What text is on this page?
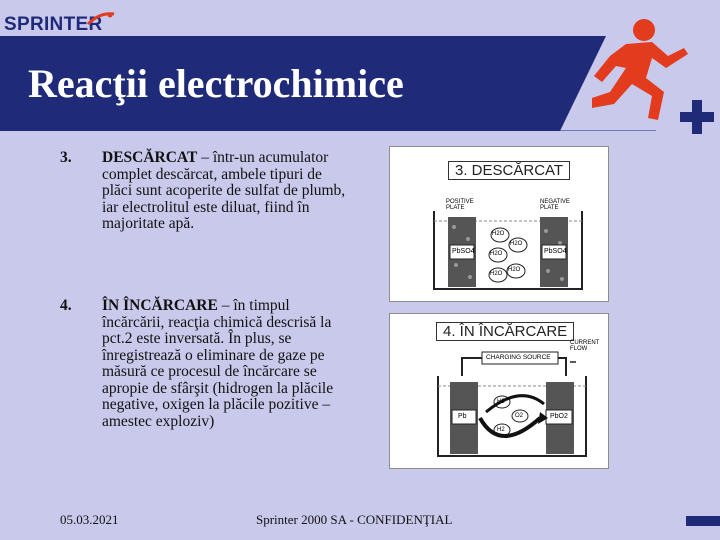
SPRINTER
Reacţii electrochimice
3. DESCĂRCAT – într-un acumulator complet descărcat, ambele tipuri de plăci sunt acoperite de sulfat de plumb, iar electrolitul este diluat, fiind în majoritate apă.
4. ÎN ÎNCĂRCARE – în timpul încărcării, reacţia chimică descrisă la pct.2 este inversată. În plus, se înregistrează o eliminare de gaze pe măsură ce procesul de încărcare se apropie de sfârşit (hidrogen la plăcile negative, oxigen la plăcile pozitive – amestec exploziv)
3. DESCĂRCAT
PbSO4	PbSO4
POSITIVE PLATE
NEGATIVE PLATE
H2O
H2O
H2O
H2O
H2O
4. ÎN ÎNCĂRCARE
CHARGING SOURCE
CURRENT FLOW
Pb	PbO2
H2
O2
H2
05.03.2021	Sprinter 2000 SA - CONFIDENŢIAL
